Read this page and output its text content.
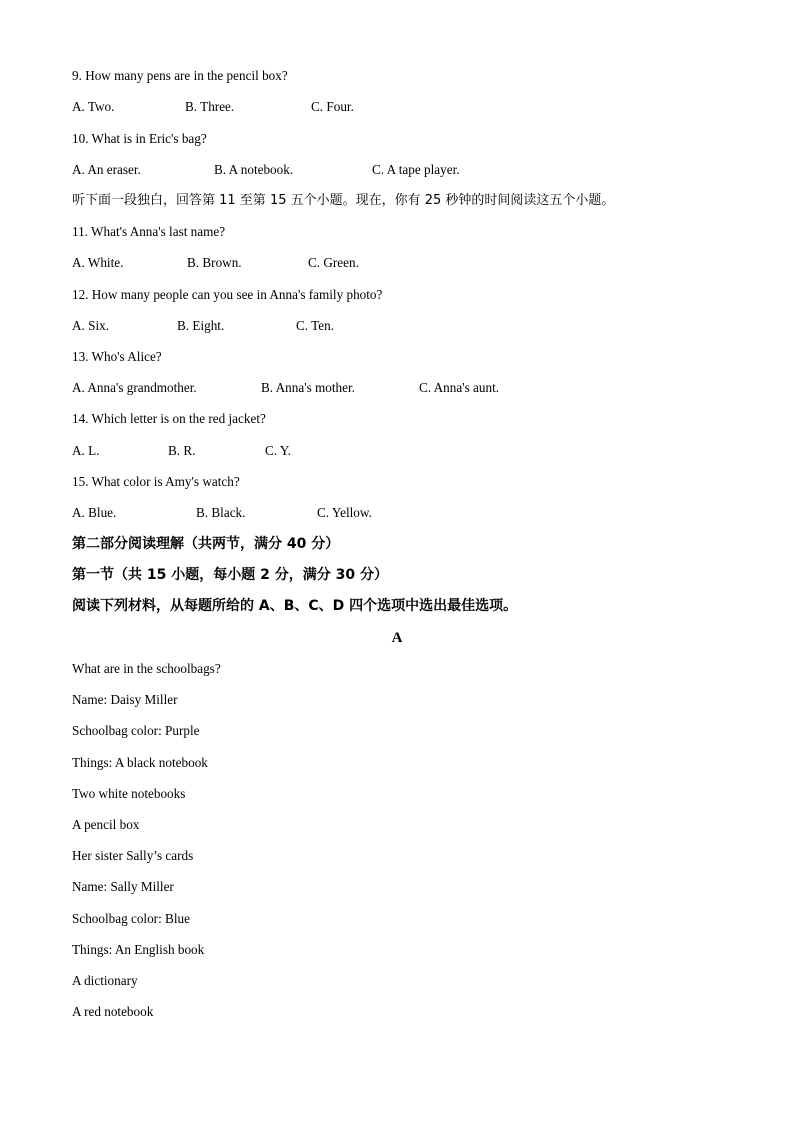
9. How many pens are in the pencil box?
A. Two.	B. Three.	C. Four.
10. What is in Eric's bag?
A. An eraser.	B. A notebook.	C. A tape player.
听下面一段独白，回答第 11 至第 15 五个小题。现在，你有 25 秒钟的时间阅读这五个小题。
11. What's Anna's last name?
A. White.	B. Brown.	C. Green.
12. How many people can you see in Anna's family photo?
A. Six.	B. Eight.	C. Ten.
13. Who's Alice?
A. Anna's grandmother.	B. Anna's mother.	C. Anna's aunt.
14. Which letter is on the red jacket?
A. L.	B. R.	C. Y.
15. What color is Amy's watch?
A. Blue.	B. Black.	C. Yellow.
第二部分阅读理解（共两节，满分 40 分）
第一节（共 15 小题，每小题 2 分，满分 30 分）
阅读下列材料，从每题所给的 A、B、C、D 四个选项中选出最佳选项。
A
What are in the schoolbags?
Name: Daisy Miller
Schoolbag color: Purple
Things: A black notebook
Two white notebooks
A pencil box
Her sister Sally’s cards
Name: Sally Miller
Schoolbag color: Blue
Things: An English book
A dictionary
A red notebook
